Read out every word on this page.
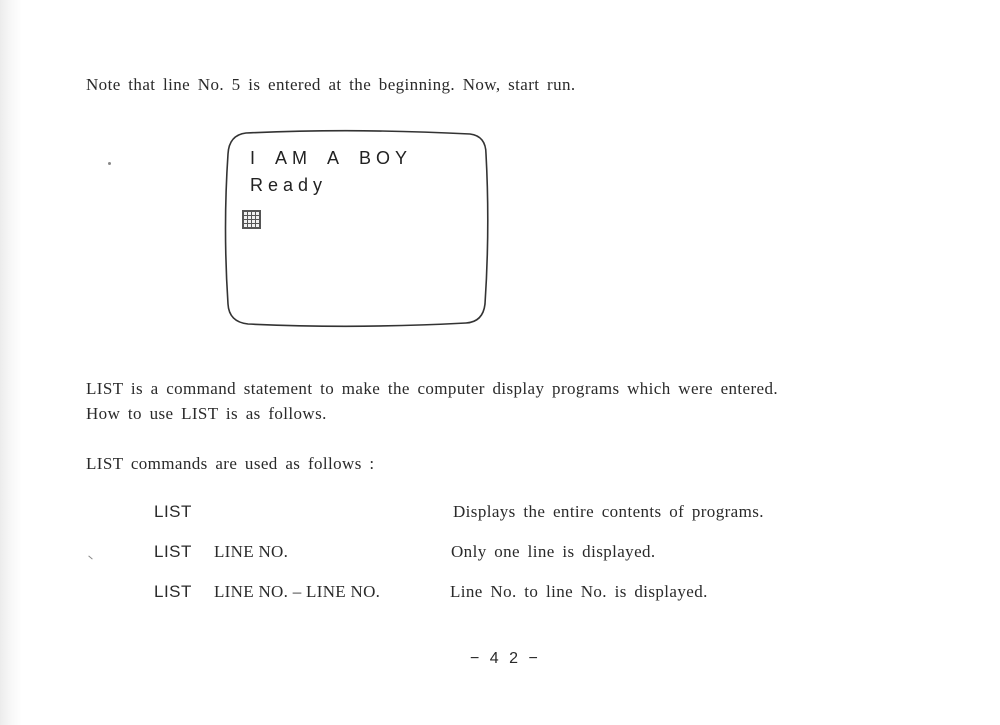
Note that line No. 5 is entered at the beginning. Now, start run.
I AM A BOY
Ready
LIST is a command statement to make the computer display programs which were entered.
How to use LIST is as follows.
LIST commands are used as follows :
LIST	Displays the entire contents of programs.
LIST LINE NO.	Only one line is displayed.
LIST LINE NO. – LINE NO.	Line No. to line No. is displayed.
− 4 2 −
